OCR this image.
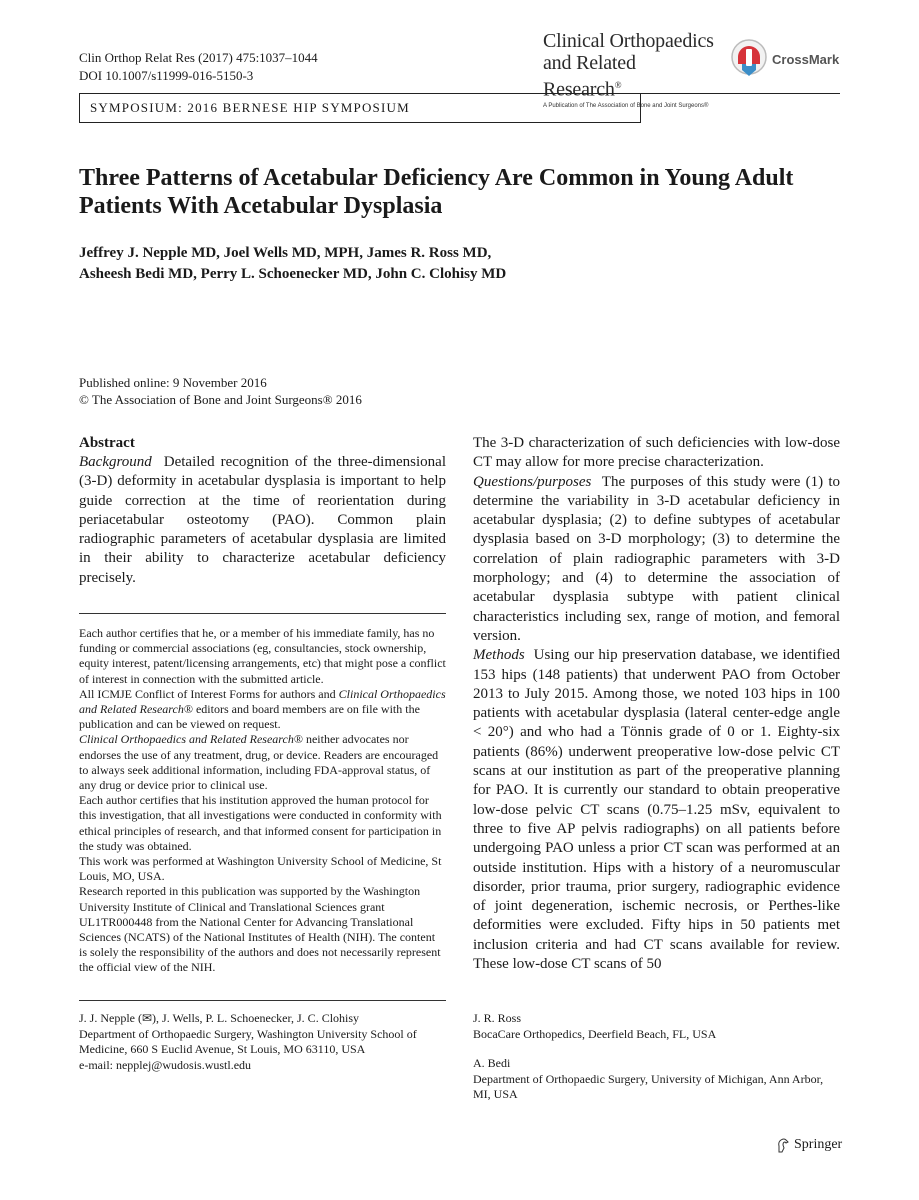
Clin Orthop Relat Res (2017) 475:1037–1044
DOI 10.1007/s11999-016-5150-3
Clinical Orthopaedics
and Related Research®
A Publication of The Association of Bone and Joint Surgeons®
CrossMark
SYMPOSIUM: 2016 BERNESE HIP SYMPOSIUM
Three Patterns of Acetabular Deficiency Are Common in Young Adult Patients With Acetabular Dysplasia
Jeffrey J. Nepple MD, Joel Wells MD, MPH, James R. Ross MD,
Asheesh Bedi MD, Perry L. Schoenecker MD, John C. Clohisy MD
Published online: 9 November 2016
© The Association of Bone and Joint Surgeons® 2016
Abstract

Background Detailed recognition of the three-dimensional (3-D) deformity in acetabular dysplasia is important to help guide correction at the time of reorientation during periacetabular osteotomy (PAO). Common plain radiographic parameters of acetabular dysplasia are limited in their ability to characterize acetabular deficiency precisely.

The 3-D characterization of such deficiencies with low-dose CT may allow for more precise characterization.

Questions/purposes The purposes of this study were (1) to determine the variability in 3-D acetabular deficiency in acetabular dysplasia; (2) to define subtypes of acetabular dysplasia based on 3-D morphology; (3) to determine the correlation of plain radiographic parameters with 3-D morphology; and (4) to determine the association of acetabular dysplasia subtype with patient clinical characteristics including sex, range of motion, and femoral version.

Methods Using our hip preservation database, we identified 153 hips (148 patients) that underwent PAO from October 2013 to July 2015. Among those, we noted 103 hips in 100 patients with acetabular dysplasia (lateral center-edge angle < 20°) and who had a Tönnis grade of 0 or 1. Eighty-six patients (86%) underwent preoperative low-dose pelvic CT scans at our institution as part of the preoperative planning for PAO. It is currently our standard to obtain preoperative low-dose pelvic CT scans (0.75–1.25 mSv, equivalent to three to five AP pelvis radiographs) on all patients before undergoing PAO unless a prior CT scan was performed at an outside institution. Hips with a history of a neuromuscular disorder, prior trauma, prior surgery, radiographic evidence of joint degeneration, ischemic necrosis, or Perthes-like deformities were excluded. Fifty hips in 50 patients met inclusion criteria and had CT scans available for review. These low-dose CT scans of 50

Each author certifies that he, or a member of his immediate family, has no funding or commercial associations (eg, consultancies, stock ownership, equity interest, patent/licensing arrangements, etc) that might pose a conflict of interest in connection with the submitted article.

All ICMJE Conflict of Interest Forms for authors and Clinical Orthopaedics and Related Research® editors and board members are on file with the publication and can be viewed on request.

Clinical Orthopaedics and Related Research® neither advocates nor endorses the use of any treatment, drug, or device. Readers are encouraged to always seek additional information, including FDA-approval status, of any drug or device prior to clinical use.

Each author certifies that his institution approved the human protocol for this investigation, that all investigations were conducted in conformity with ethical principles of research, and that informed consent for participation in the study was obtained.

This work was performed at Washington University School of Medicine, St Louis, MO, USA.

Research reported in this publication was supported by the Washington University Institute of Clinical and Translational Sciences grant UL1TR000448 from the National Center for Advancing Translational Sciences (NCATS) of the National Institutes of Health (NIH). The content is solely the responsibility of the authors and does not necessarily represent the official view of the NIH.

J. J. Nepple (✉), J. Wells, P. L. Schoenecker, J. C. Clohisy

Department of Orthopaedic Surgery, Washington University School of Medicine, 660 S Euclid Avenue, St Louis, MO 63110, USA

e-mail: nepplej@wudosis.wustl.edu

J. R. Ross

BocaCare Orthopedics, Deerfield Beach, FL, USA

A. Bedi

Department of Orthopaedic Surgery, University of Michigan, Ann Arbor, MI, USA

Springer
